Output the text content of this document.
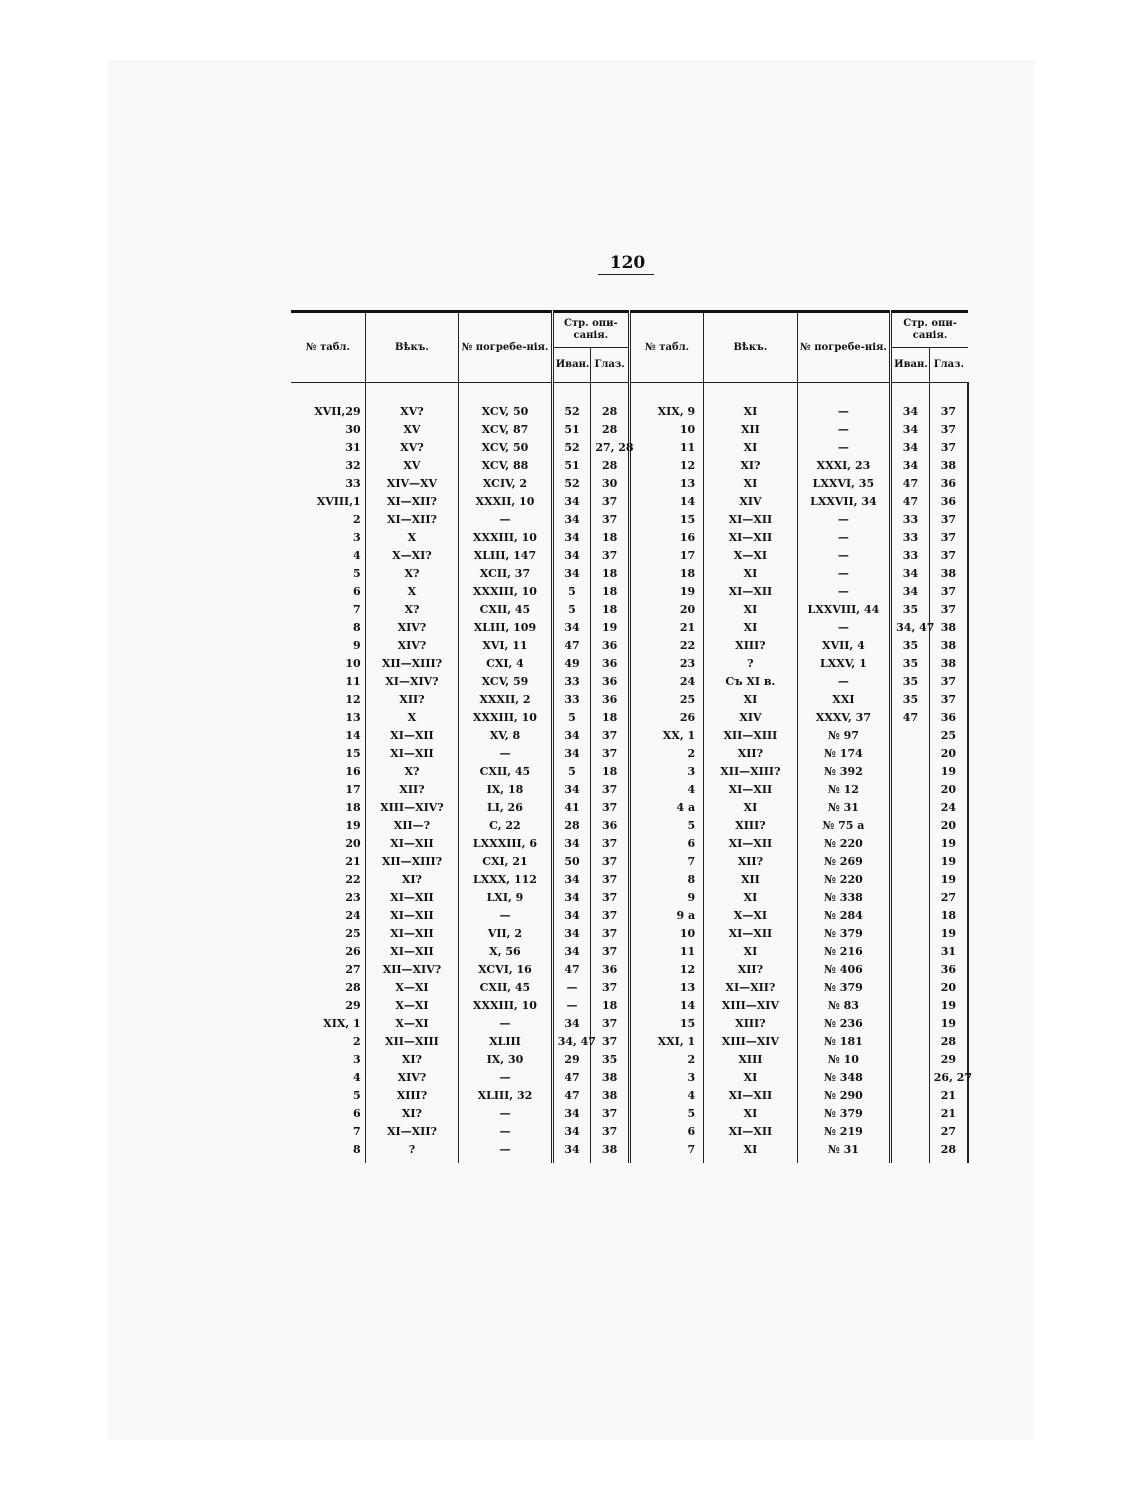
120
№ табл.	Вѣкъ.	№ погребе-нія.	Стр. опи-санія.		№ табл.	Вѣкъ.	№ погребе-нія.	Стр. опи-санія.	
			Иван.	Глаз.				Иван.	Глаз.

XVII,29	XV?	XCV, 50	52	28	XIX, 9	XI	—	34	37
30	XV	XCV, 87	51	28	10	XII	—	34	37
31	XV?	XCV, 50	52	27, 28	11	XI	—	34	37
32	XV	XCV, 88	51	28	12	XI?	XXXI, 23	34	38
33	XIV—XV	XCIV, 2	52	30	13	XI	LXXVI, 35	47	36
XVIII,1	XI—XII?	XXXII, 10	34	37	14	XIV	LXXVII, 34	47	36
2	XI—XII?	—	34	37	15	XI—XII	—	33	37
3	X	XXXIII, 10	34	18	16	XI—XII	—	33	37
4	X—XI?	XLIII, 147	34	37	17	X—XI	—	33	37
5	X?	XCII, 37	34	18	18	XI	—	34	38
6	X	XXXIII, 10	5	18	19	XI—XII	—	34	37
7	X?	CXII, 45	5	18	20	XI	LXXVIII, 44	35	37
8	XIV?	XLIII, 109	34	19	21	XI	—	34, 47	38
9	XIV?	XVI, 11	47	36	22	XIII?	XVII, 4	35	38
10	XII—XIII?	CXI, 4	49	36	23	?	LXXV, 1	35	38
11	XI—XIV?	XCV, 59	33	36	24	Съ XI в.	—	35	37
12	XII?	XXXII, 2	33	36	25	XI	XXI	35	37
13	X	XXXIII, 10	5	18	26	XIV	XXXV, 37	47	36
14	XI—XII	XV, 8	34	37	XX, 1	XII—XIII	№ 97		25
15	XI—XII	—	34	37	2	XII?	№ 174		20
16	X?	CXII, 45	5	18	3	XII—XIII?	№ 392		19
17	XII?	IX, 18	34	37	4	XI—XII	№ 12		20
18	XIII—XIV?	LI, 26	41	37	4 a	XI	№ 31		24
19	XII—?	C, 22	28	36	5	XIII?	№ 75 a		20
20	XI—XII	LXXXIII, 6	34	37	6	XI—XII	№ 220		19
21	XII—XIII?	CXI, 21	50	37	7	XII?	№ 269		19
22	XI?	LXXX, 112	34	37	8	XII	№ 220		19
23	XI—XII	LXI, 9	34	37	9	XI	№ 338		27
24	XI—XII	—	34	37	9 a	X—XI	№ 284		18
25	XI—XII	VII, 2	34	37	10	XI—XII	№ 379		19
26	XI—XII	X, 56	34	37	11	XI	№ 216		31
27	XII—XIV?	XCVI, 16	47	36	12	XII?	№ 406		36
28	X—XI	CXII, 45	—	37	13	XI—XII?	№ 379		20
29	X—XI	XXXIII, 10	—	18	14	XIII—XIV	№ 83		19
XIX, 1	X—XI	—	34	37	15	XIII?	№ 236		19
2	XII—XIII	XLIII	34, 47	37	XXI, 1	XIII—XIV	№ 181		28
3	XI?	IX, 30	29	35	2	XIII	№ 10		29
4	XIV?	—	47	38	3	XI	№ 348		26, 27
5	XIII?	XLIII, 32	47	38	4	XI—XII	№ 290		21
6	XI?	—	34	37	5	XI	№ 379		21
7	XI—XII?	—	34	37	6	XI—XII	№ 219		27
8	?	—	34	38	7	XI	№ 31		28
